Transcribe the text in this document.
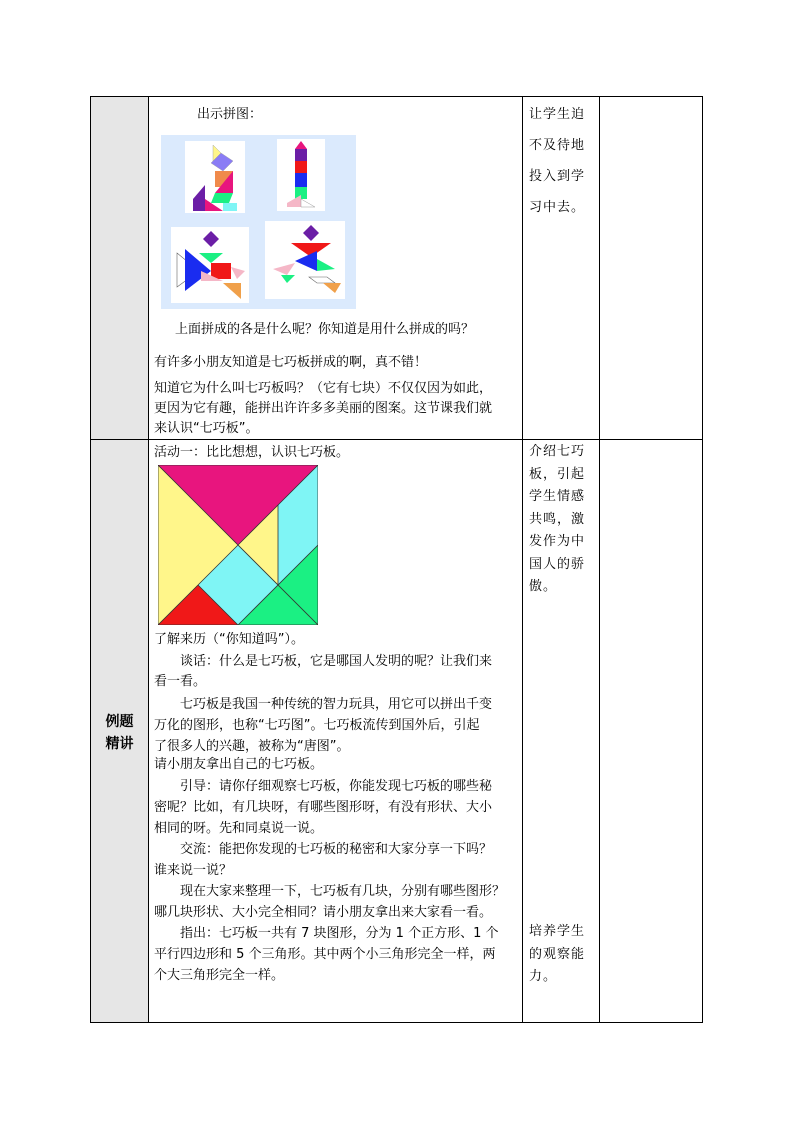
出示拼图：
上面拼成的各是什么呢？你知道是用什么拼成的吗？
有许多小朋友知道是七巧板拼成的啊，真不错！
知道它为什么叫七巧板吗？（它有七块）不仅仅因为如此，
更因为它有趣，能拼出许许多多美丽的图案。这节课我们就
来认识“七巧板”。
让学生迫
不及待地
投入到学
习中去。
例题
精讲
活动一：比比想想，认识七巧板。
了解来历（“你知道吗”）。
谈话：什么是七巧板，它是哪国人发明的呢？让我们来
看一看。
七巧板是我国一种传统的智力玩具，用它可以拼出千变
万化的图形，也称“七巧图”。七巧板流传到国外后，引起
了很多人的兴趣，被称为“唐图”。
请小朋友拿出自己的七巧板。
引导：请你仔细观察七巧板，你能发现七巧板的哪些秘
密呢？比如，有几块呀，有哪些图形呀，有没有形状、大小
相同的呀。先和同桌说一说。
交流：能把你发现的七巧板的秘密和大家分享一下吗？
谁来说一说？
现在大家来整理一下，七巧板有几块，分别有哪些图形？
哪几块形状、大小完全相同？请小朋友拿出来大家看一看。
指出：七巧板一共有 7 块图形，分为 1 个正方形、1 个
平行四边形和 5 个三角形。其中两个小三角形完全一样，两
个大三角形完全一样。
介绍七巧
板，引起
学生情感
共鸣，激
发作为中
国人的骄
傲。
培养学生
的观察能
力。
